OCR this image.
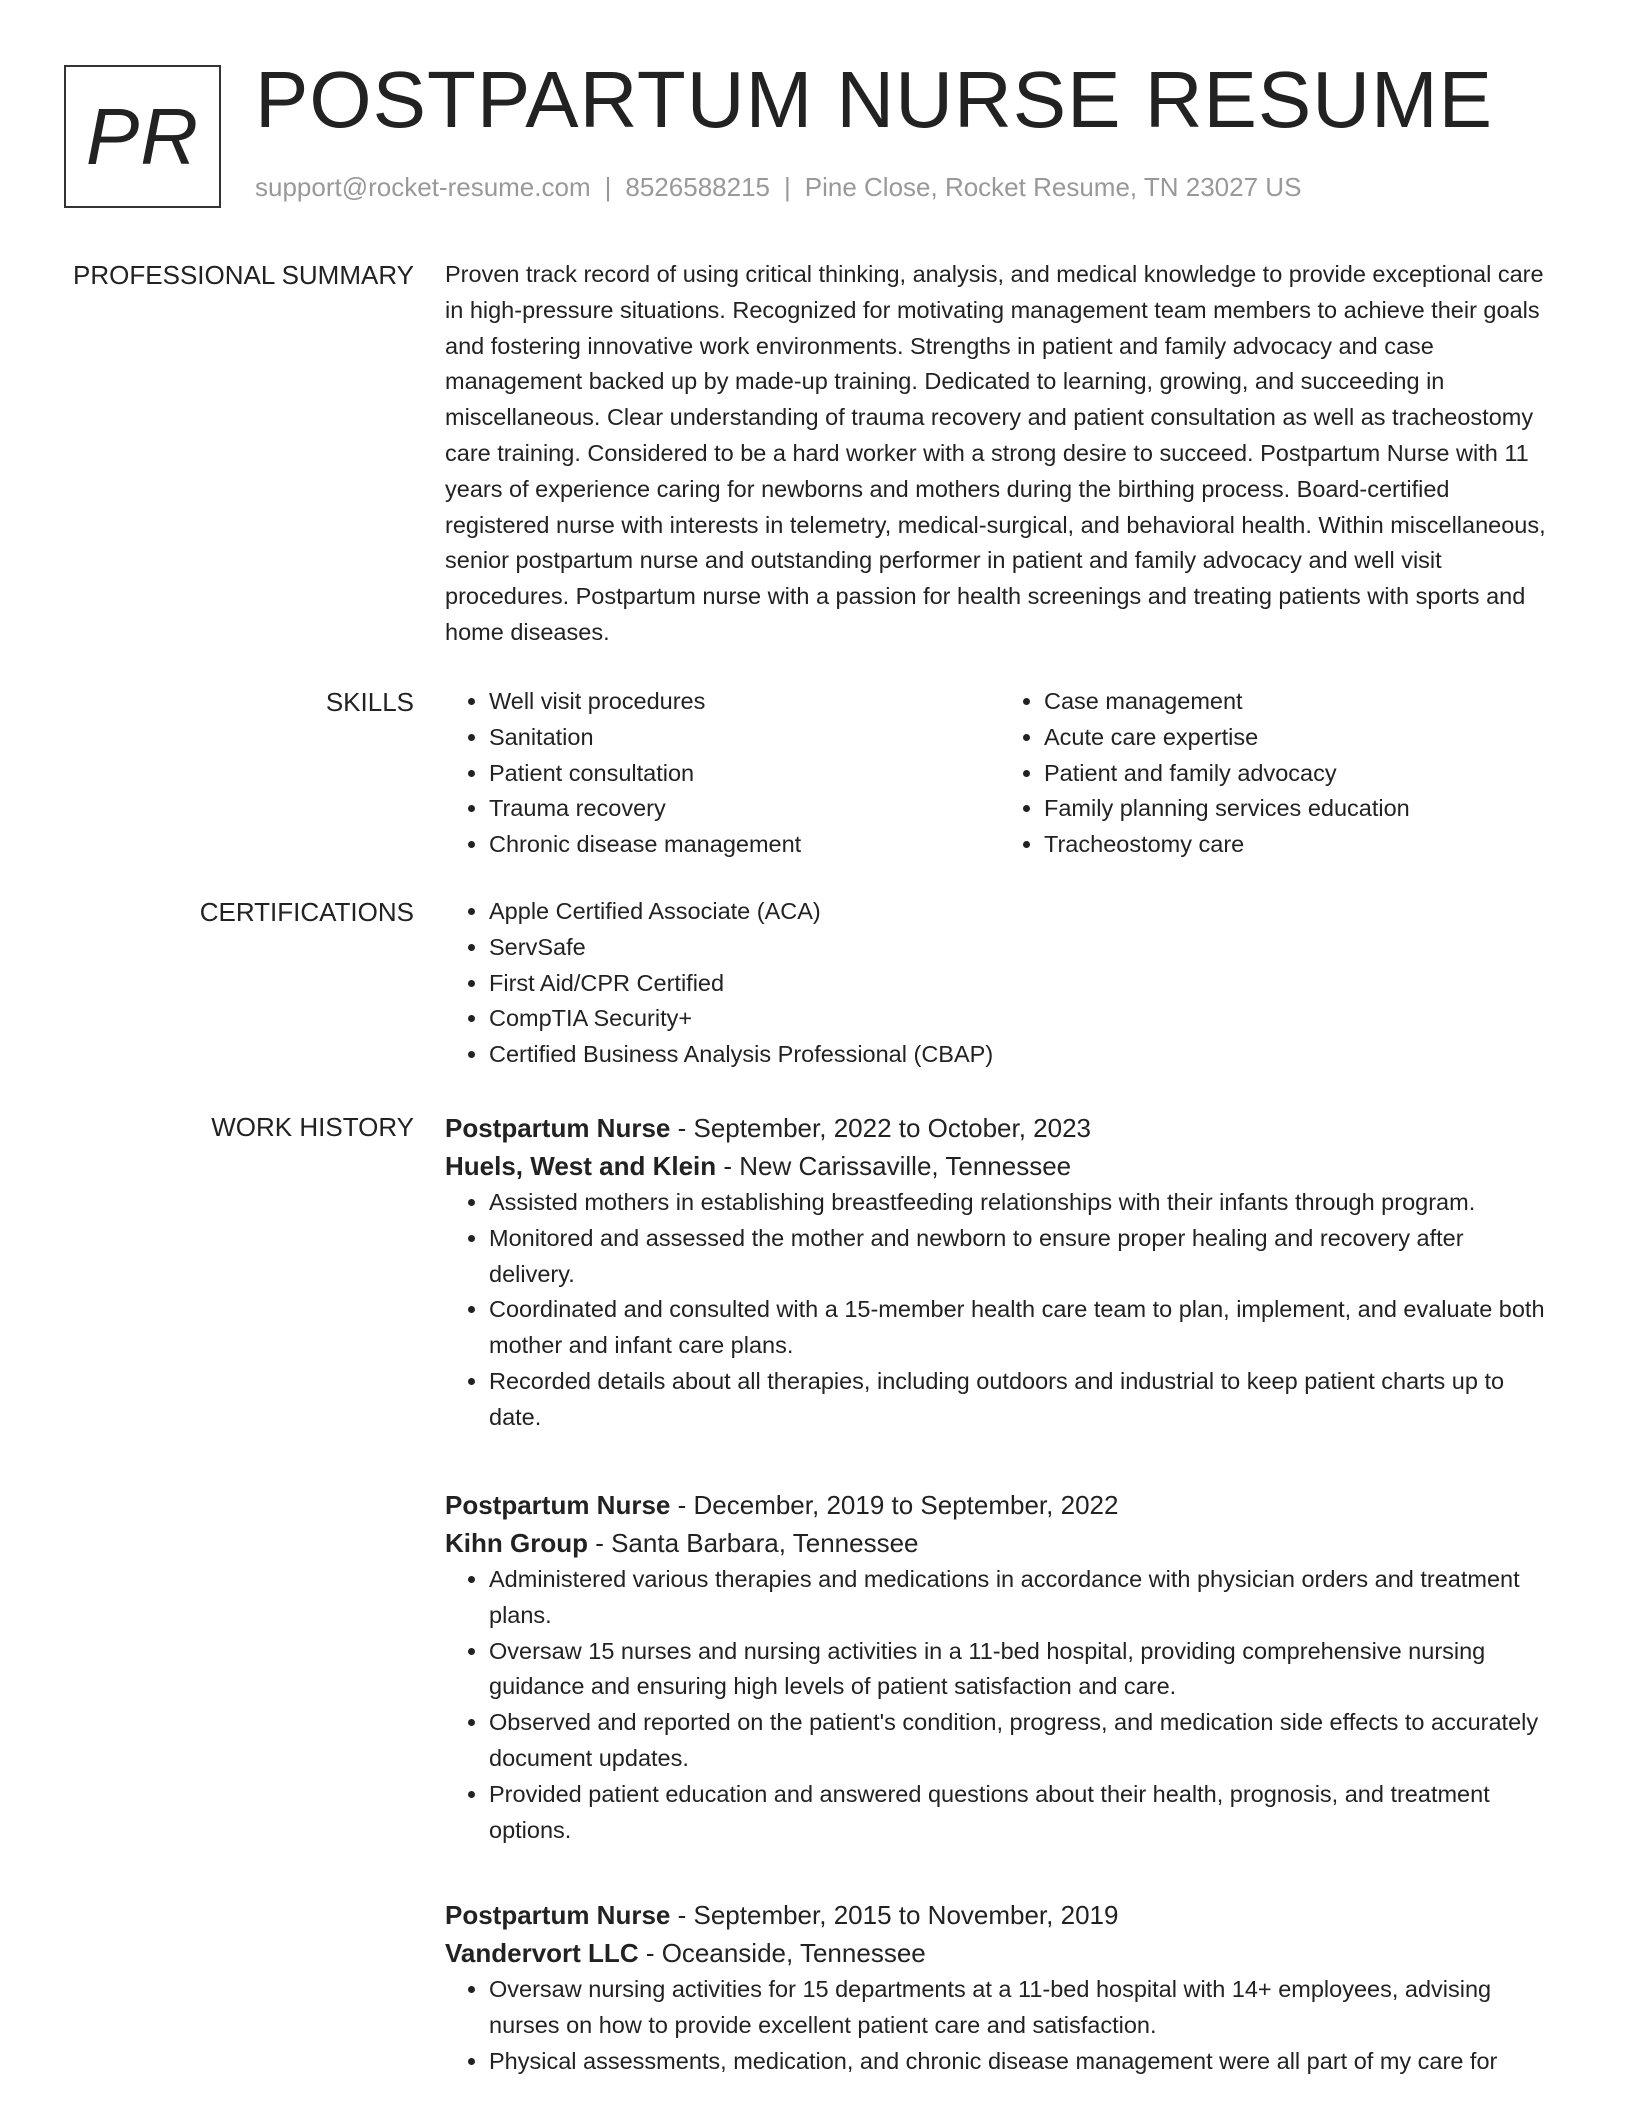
PR POSTPARTUM NURSE RESUME
support@rocket-resume.com | 8526588215 | Pine Close, Rocket Resume, TN 23027 US
PROFESSIONAL SUMMARY Proven track record of using critical thinking, analysis, and medical knowledge to provide exceptional care in high-pressure situations. Recognized for motivating management team members to achieve their goals and fostering innovative work environments. Strengths in patient and family advocacy and case management backed up by made-up training. Dedicated to learning, growing, and succeeding in miscellaneous. Clear understanding of trauma recovery and patient consultation as well as tracheostomy care training. Considered to be a hard worker with a strong desire to succeed. Postpartum Nurse with 11 years of experience caring for newborns and mothers during the birthing process. Board-certified registered nurse with interests in telemetry, medical-surgical, and behavioral health. Within miscellaneous, senior postpartum nurse and outstanding performer in patient and family advocacy and well visit procedures. Postpartum nurse with a passion for health screenings and treating patients with sports and home diseases.

SKILLS	• Well visit procedures
• Sanitation
• Patient consultation
• Trauma recovery
• Chronic disease management
• Case management
• Acute care expertise
• Patient and family advocacy
• Family planning services education
• Tracheostomy care
CERTIFICATIONS	• Apple Certified Associate (ACA)
• ServSafe
• First Aid/CPR Certified
• CompTIA Security+
• Certified Business Analysis Professional (CBAP)
WORK HISTORY Postpartum Nurse - September, 2022 to October, 2023
Huels, West and Klein - New Carissaville, Tennessee
• Assisted mothers in establishing breastfeeding relationships with their infants through program.
• Monitored and assessed the mother and newborn to ensure proper healing and recovery after delivery.
• Coordinated and consulted with a 15-member health care team to plan, implement, and evaluate both mother and infant care plans.
• Recorded details about all therapies, including outdoors and industrial to keep patient charts up to date.
Postpartum Nurse - December, 2019 to September, 2022
Kihn Group - Santa Barbara, Tennessee
• Administered various therapies and medications in accordance with physician orders and treatment plans.
• Oversaw 15 nurses and nursing activities in a 11-bed hospital, providing comprehensive nursing guidance and ensuring high levels of patient satisfaction and care.
• Observed and reported on the patient's condition, progress, and medication side effects to accurately document updates.
• Provided patient education and answered questions about their health, prognosis, and treatment options.
Postpartum Nurse - September, 2015 to November, 2019
Vandervort LLC - Oceanside, Tennessee
• Oversaw nursing activities for 15 departments at a 11-bed hospital with 14+ employees, advising nurses on how to provide excellent patient care and satisfaction.
• Physical assessments, medication, and chronic disease management were all part of my care for
